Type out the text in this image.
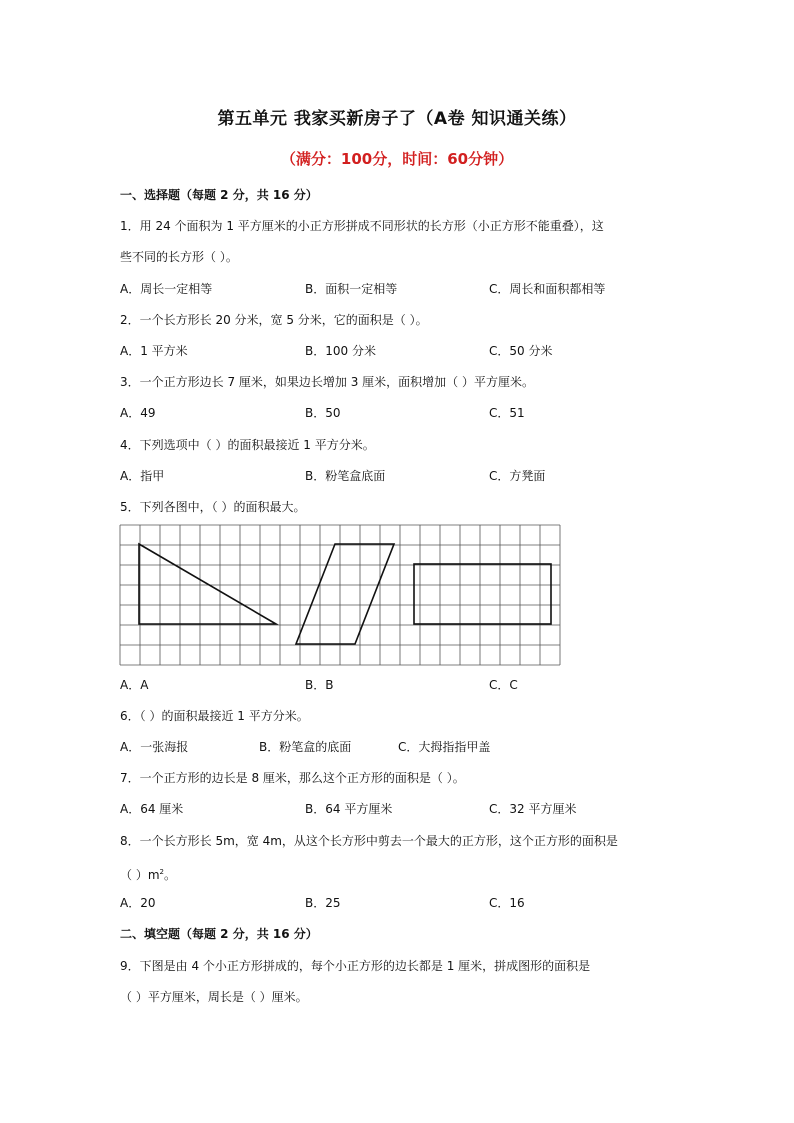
第五单元 我家买新房子了（A卷 知识通关练）
（满分：100分，时间：60分钟）
一、选择题（每题 2 分，共 16 分）
1．用 24 个面积为 1 平方厘米的小正方形拼成不同形状的长方形（小正方形不能重叠），这
些不同的长方形（ ）。
A．周长一定相等	B．面积一定相等	C．周长和面积都相等
2．一个长方形长 20 分米，宽 5 分米，它的面积是（ ）。
A．1 平方米	B．100 分米	C．50 分米
3．一个正方形边长 7 厘米，如果边长增加 3 厘米，面积增加（ ）平方厘米。
A．49	B．50	C．51
4．下列选项中（ ）的面积最接近 1 平方分米。
A．指甲	B．粉笔盒底面	C．方凳面
5．下列各图中，（ ）的面积最大。
A．A	B．B	C．C
6．（ ）的面积最接近 1 平方分米。
A．一张海报	B．粉笔盒的底面	C．大拇指指甲盖
7．一个正方形的边长是 8 厘米，那么这个正方形的面积是（ ）。
A．64 厘米	B．64 平方厘米	C．32 平方厘米
8．一个长方形长 5m，宽 4m，从这个长方形中剪去一个最大的正方形，这个正方形的面积是
（ ）$m^2$。
A．20	B．25	C．16
二、填空题（每题 2 分，共 16 分）
9．下图是由 4 个小正方形拼成的，每个小正方形的边长都是 1 厘米，拼成图形的面积是
（ ）平方厘米，周长是（ ）厘米。
